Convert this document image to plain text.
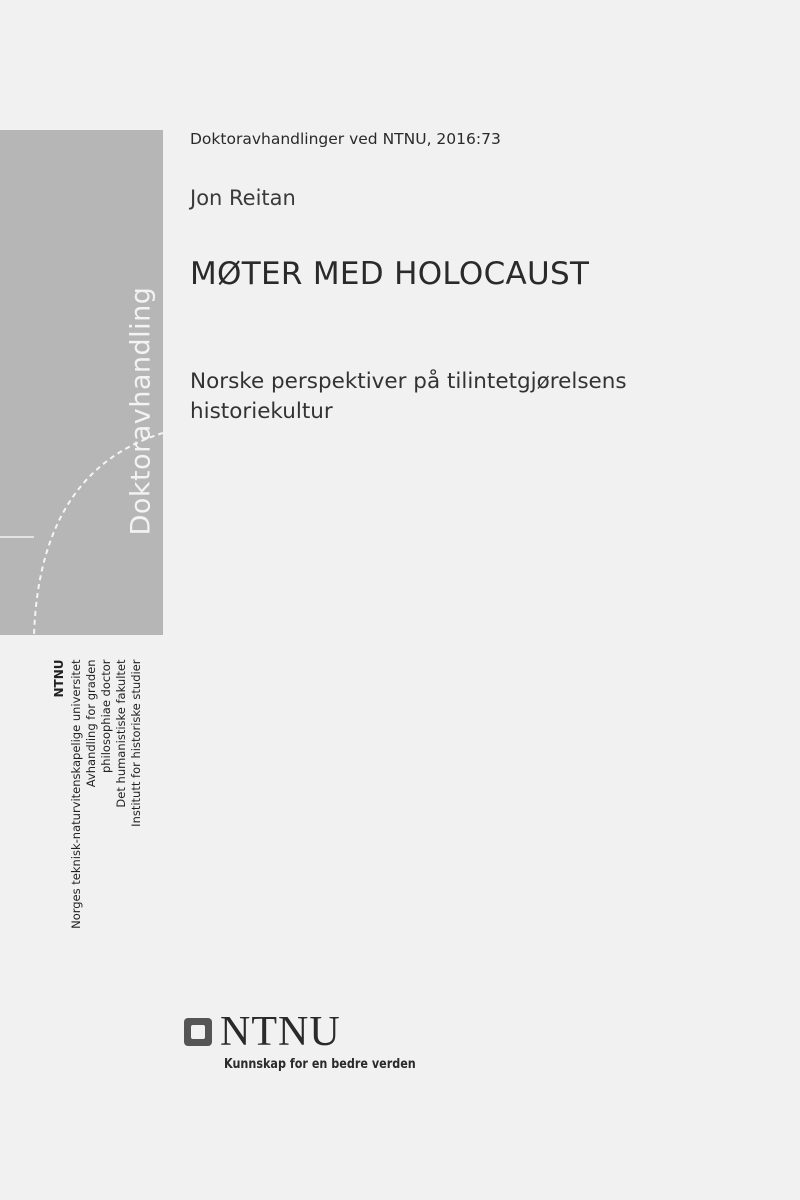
Doktoravhandling
NTNU Norges teknisk-naturvitenskapelige universitet Avhandling for graden philosophiae doctor Det humanistiske fakultet Institutt for historiske studier
Doktoravhandlinger ved NTNU, 2016:73
Jon Reitan
MØTER MED HOLOCAUST
Norske perspektiver på tilintetgjørelsens
historiekultur
NTNU
Kunnskap for en bedre verden
